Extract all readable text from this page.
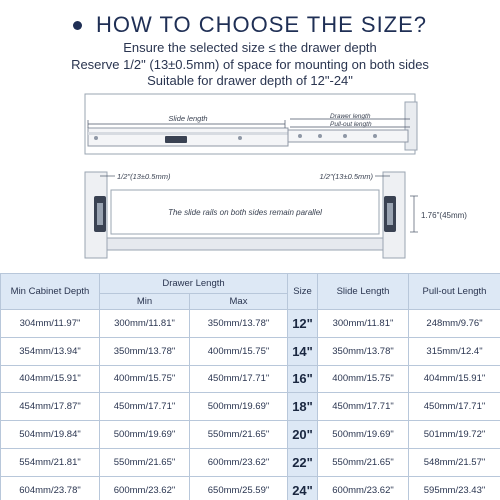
HOW TO CHOOSE THE SIZE?
Ensure the selected size ≤ the drawer depth
Reserve 1/2" (13±0.5mm) of space for mounting on both sides
Suitable for drawer depth of 12"-24"
Slide length	Drawer length
Pull-out length
1/2"(13±0.5mm)	1/2"(13±0.5mm)
The slide rails on both sides remain parallel	1.76"(45mm)
Min Cabinet Depth	Drawer Length		Size	Slide Length	Pull-out Length
	Min	Max			
304mm/11.97"	300mm/11.81"	350mm/13.78"	12"	300mm/11.81"	248mm/9.76"
354mm/13.94"	350mm/13.78"	400mm/15.75"	14"	350mm/13.78"	315mm/12.4"
404mm/15.91"	400mm/15.75"	450mm/17.71"	16"	400mm/15.75"	404mm/15.91"
454mm/17.87"	450mm/17.71"	500mm/19.69"	18"	450mm/17.71"	450mm/17.71"
504mm/19.84"	500mm/19.69"	550mm/21.65"	20"	500mm/19.69"	501mm/19.72"
554mm/21.81"	550mm/21.65"	600mm/23.62"	22"	550mm/21.65"	548mm/21.57"
604mm/23.78"	600mm/23.62"	650mm/25.59"	24"	600mm/23.62"	595mm/23.43"
